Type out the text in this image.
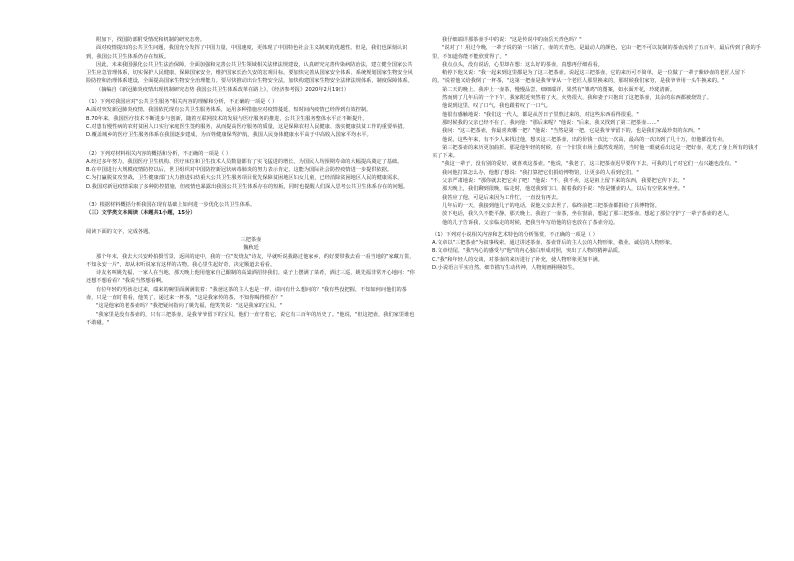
附加下，找国防部附受情况和机制的研究态势。

面对疫情提出的公共卫生问题，我国充分发挥了中国力量，中国速度，更体现了中国特色社会主义制度的优越性。但是，我们也深刻认识到，我国公共卫生体系仍存在短板。

因此，未来我国强化公共卫生法治保障，全面加强和完善公共卫生领域相关法律法规建设，认真研究完善传染病防治法，建立健全国家公共卫生应急管理体系，切实保护人民健康，保障国家安全，维护国家长治久安的宏观目标。要加快完善从国家安全体系、系统规划国家生物安全风险防控和治理体系建设，全面提高国家生物安全治理能力。要尽快推动出台生物安全法，加快构建国家生物安全法律法规体系，制度保障体系。

（摘编自《新冠肺炎疫情出现机制研究态势 我国公共卫生体系改革在路上》，《经济参考报》2020年2月19日）

（1）下列对我国应对"公共卫生服务"相关内容的理解和分析，不正确的一项是（ ）

A.面对突发新冠肺炎疫情，我国依托现有公共卫生服务体系，运用多种措施应对疫情蔓延，短时间内疫情已经得到有效控制。

B.70年来，我国医疗技术不断进步与创新，随着互联网技术的发展与医疗服务的推进，公共卫生服务整体水平正不断提升。

C.对患有慢性病的农村贫困人口实行家庭医生签约服务，从而提高医疗服务的质量，这是保障农村人民健康、落实健康扶贫工作的重要举措。

D.覆盖城乡的医疗卫生服务体系在我国逐步建成，为百姓健康保驾护航，我国人民身体健康水平高于中高收入国家平均水平。

（2）下列对材料相关内容的概括和分析，不正确的一项是（ ）

A.经过多年努力，我国医疗卫生机构、医疗床位和卫生技术人员数量都有了实飞猛进的增长，为国民人均预期寿命的大幅提高奠定了基础。

B.在中国进行大规模疫情防控以后，世卫组织对中国防控新冠状病毒肺炎的努力表示肯定，这能为国际社会防控疫情进一步提供依据。

C.为打赢脱贫攻坚战，卫生健康部门大力推进妇幼重大公共卫生服务项目优先保障贫困地区妇女儿童，已经消除贫困地区人民的健康需求。

D.我国对新冠疫情采取了多种防控措施，但疫情也暴露出我国公共卫生体系存在的短板，同时也提醒人们深入思考公共卫生体系存在的问题。

（3）根据材料概括分析我国在现有基础上如何进一步优化公共卫生体系。

（三）文学类文本阅读（本题共1小题，15分）

阅读下面的文字，完成各题。

三把茶壶

魏秋廷

那个年末，我去大兴安岭拍摄雪景，返回的途中，我的一位"发烧友"诗友，早就听说我路过他家乡，约好要带我去看一看当地的"家藏万贯，不知永安一片"，却从未听说家有这样的古物。我心里生起好奇，决定顺道去看看。

诗友名叫姚先福，一家人在当地，那天晚上他用他家自己酿制的高粱酒招待我们。桌子上摆满了菜肴，酒过三巡，姚先福非常开心地问："你还想不想看看？"我说当然想看啊。

有位年轻的男孩走过来，端来的碗里面满满装着："我爸这茶的主人也是一样，请问有什么想问的？"我有些没把握，不知如何问他们的茶壶，只是一直盯着看，他笑了，递过来一杯茶，"这是我家传的茶，不知你喝得惯否？"

"这是他家的老茶壶吗？"我把疑问指向了姚先福，他笑笑说："这是我家的宝贝。"

"我家里是没有茶壶的，只有三把茶壶，是我爷爷留下的宝贝。他们一直守着它，说它有三百年的历史了。"他说，"但这把壶，我们家里谁也不敢碰。"

我仔细端详那茶壶手中的说："这是传说中的南岳天青色吗？"

"说对了！用过今晚，一辈子说的第一只锅了，壶的天青色，是最动人的颜色，它由一把不可以复制的茶壶流传了五百年，最后传到了我的手里，不知道你能不能欣赏得了。"

我点点头，没有说话，心里却在想：这么好的茶壶，真想再仔细看看。

稍停下他又说："我一起来到这里都是为了这三把茶壶。说起这三把茶壶，它的来历可不简单，是一位做了一辈子紫砂壶的老匠人留下的。"说着他又给我倒了一杯茶，"这第一把壶是我爷爷从一个老匠人那里换来的，那时候我们家穷，是我爷爷用一头牛换来的。"

第二天的晚上，我冲上一壶茶，慢慢品尝，细细端详，果然有"雏鸡"的图案，如水面开花，玲珑清新。

然而到了几年后的一个下午，我家附近突然着了火，火势很大，我和妻子只抱出了这把茶壶，其余的东西都被烧毁了。

他说到这里，叹了口气，我也跟着叹了一口气。

他很有感触地说："我们这一代人，都是从苦日子里熬过来的，对这些东西看得很重。"

那时候我的父亲已经不在了，我问他："那后来呢？"他说："后来，我又找到了第二把茶壶……"

我问："这三把茶壶，你最喜欢哪一把？"他说："当然是第一把，它是我爷爷留下的，也是我们家最珍贵的东西。"

他说，这些年来，有不少人来找过他，想买这三把茶壶，出的价钱一次比一次高，最高的一次出到了几十万，但他都没有卖。

第三把茶壶的来历更加曲折。那是他年轻的时候，在一个旧货市场上偶然发现的，当时他一眼就看出这是一把好壶，花光了身上所有的钱才买了下来。

"我这一辈子，没有别的爱好，就喜欢这茶壶。"他说，"我老了，这三把茶壶迟早要传下去，可我的儿子对它们一点兴趣也没有。"

我问他打算怎么办，他想了想说："我打算把它们捐给博物馆，让更多的人看到它们。"

父亲严肃地说："那你就去把它卖了吧！"他说："不，我不卖，这是祖上留下来的东西，我要把它传下去。"

那天晚上，我们聊到很晚，临走时，他送我到门口，握着我的手说："你是懂壶的人，以后有空常来坐坐。"

我答应了他，可是后来因为工作忙，一直没有再去。

几年后的一天，我接到他儿子的电话，说他父亲去世了，临终前把三把茶壶都捐给了县博物馆。

放下电话，我久久不能平静。那天晚上，我泡了一壶茶，坐在窗前，想起了那三把茶壶，想起了那位守护了一辈子茶壶的老人。

他的儿子告诉我，父亲临走的时候，把我当年写给他的信也放在了茶壶旁边。

（1）下列对小说相关内容和艺术特色的分析鉴赏，不正确的一项是（ ）

A.文章以"三把茶壶"为叙事线索，通过讲述茶壶、茶壶背后的主人公的人物形象，敬业、诚信的人物形象。

B.文章结尾，"我"内心的感受与"他"的内心独白形成对照，突出了人物的精神品质。

C."我"和年轻人的交谈，对茶壶的来历进行了补充，使人物形象更加丰满。

D.小说语言平实自然，细节描写生动传神，人物刻画栩栩如生。
